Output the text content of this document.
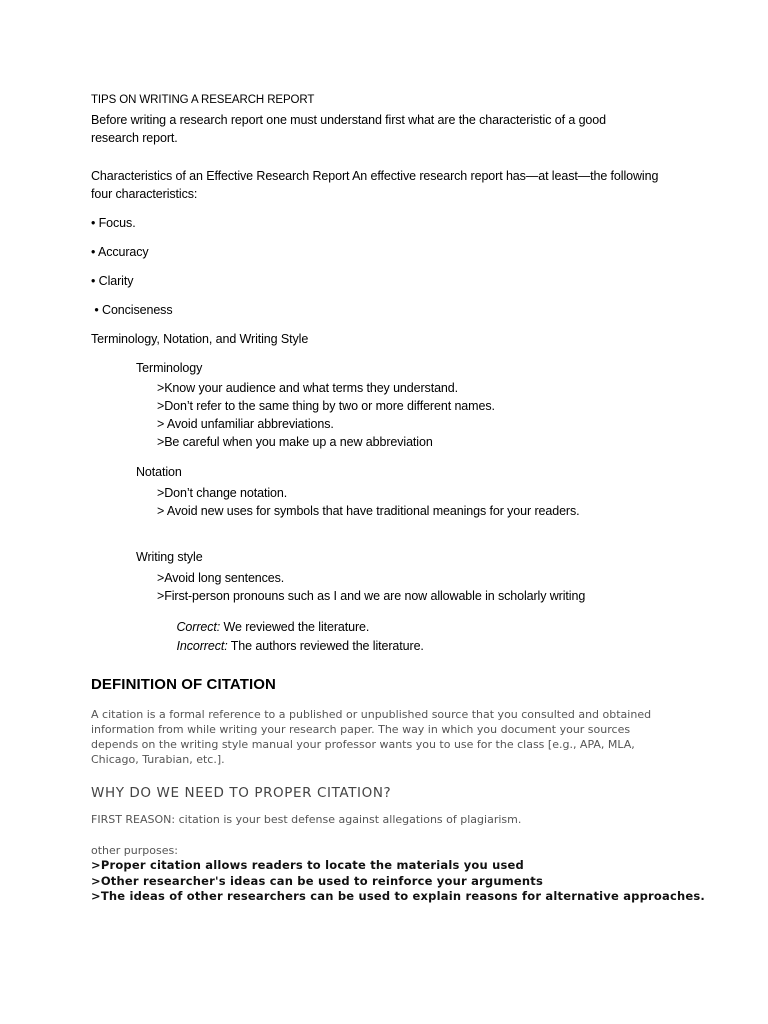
TIPS ON WRITING A RESEARCH REPORT
Before writing a research report one must understand first what are the characteristic of a good
research report.
Characteristics of an Effective Research Report An effective research report has—at least—the following
four characteristics:
• Focus.
• Accuracy
• Clarity
• Conciseness
Terminology, Notation, and Writing Style
Terminology
>Know your audience and what terms they understand.
>Don’t refer to the same thing by two or more different names.
> Avoid unfamiliar abbreviations.
>Be careful when you make up a new abbreviation
Notation
>Don’t change notation.
> Avoid new uses for symbols that have traditional meanings for your readers.
Writing style
>Avoid long sentences.
>First-person pronouns such as I and we are now allowable in scholarly writing

Correct: We reviewed the literature.

Incorrect: The authors reviewed the literature.

DEFINITION OF CITATION
A citation is a formal reference to a published or unpublished source that you consulted and obtained
information from while writing your research paper. The way in which you document your sources
depends on the writing style manual your professor wants you to use for the class [e.g., APA, MLA,
Chicago, Turabian, etc.].
WHY DO WE NEED TO PROPER CITATION?
FIRST REASON: citation is your best defense against allegations of plagiarism.
other purposes:
>Proper citation allows readers to locate the materials you used
>Other researcher's ideas can be used to reinforce your arguments
>The ideas of other researchers can be used to explain reasons for alternative approaches.
